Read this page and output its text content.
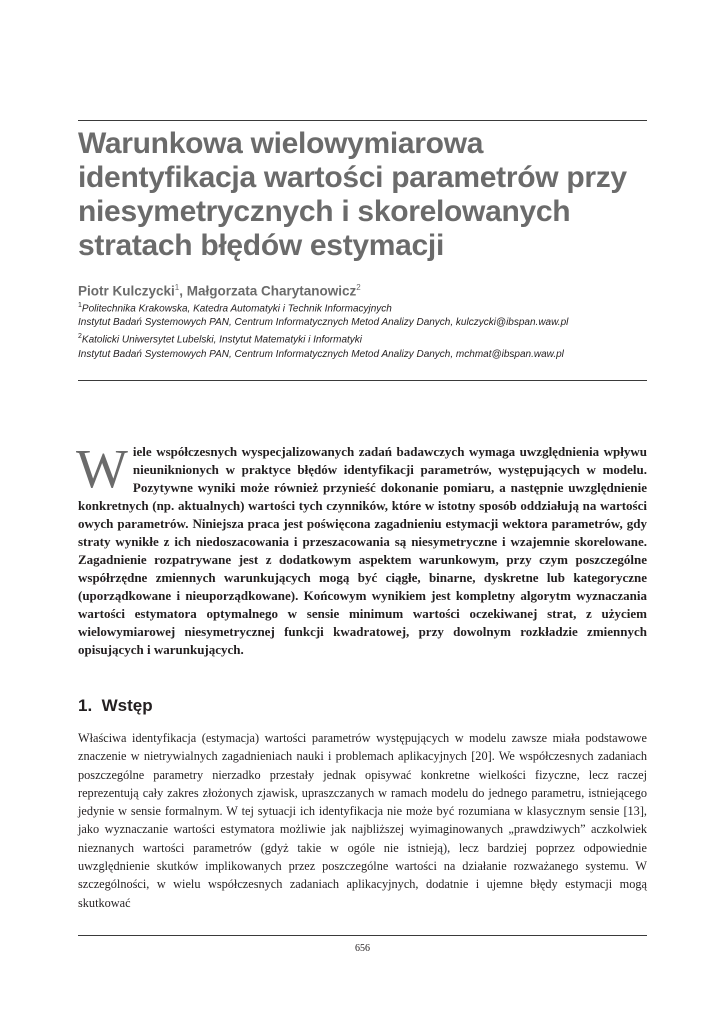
Warunkowa wielowymiarowa identyfikacja wartości parametrów przy niesymetrycznych i skorelowanych stratach błędów estymacji

Piotr Kulczycki$^1$, Małgorzata Charytanowicz$^2$

$^1$Politechnika Krakowska, Katedra Automatyki i Technik Informacyjnych
Instytut Badań Systemowych PAN, Centrum Informatycznych Metod Analizy Danych, kulczycki@ibspan.waw.pl
$^2$Katolicki Uniwersytet Lubelski, Instytut Matematyki i Informatyki
Instytut Badań Systemowych PAN, Centrum Informatycznych Metod Analizy Danych, mchmat@ibspan.waw.pl

Wiele współczesnych wyspecjalizowanych zadań badawczych wymaga uwzględnienia wpływu nieuniknionych w praktyce błędów identyfikacji parametrów, występujących w modelu. Pozytywne wyniki może również przynieść dokonanie pomiaru, a następnie uwzględnienie konkretnych (np. aktualnych) wartości tych czynników, które w istotny sposób oddziałują na wartości owych parametrów. Niniejsza praca jest poświęcona zagadnieniu estymacji wektora parametrów, gdy straty wynikłe z ich niedoszacowania i przeszacowania są niesymetryczne i wzajemnie skorelowane. Zagadnienie rozpatrywane jest z dodatkowym aspektem warunkowym, przy czym poszczególne współrzędne zmiennych warunkujących mogą być ciągłe, binarne, dyskretne lub kategoryczne (uporządkowane i nieuporządkowane). Końcowym wynikiem jest kompletny algorytm wyznaczania wartości estymatora optymalnego w sensie minimum wartości oczekiwanej strat, z użyciem wielowymiarowej niesymetrycznej funkcji kwadratowej, przy dowolnym rozkładzie zmiennych opisujących i warunkujących.

1. Wstęp

Właściwa identyfikacja (estymacja) wartości parametrów występujących w modelu zawsze miała podstawowe znaczenie w nietrywialnych zagadnieniach nauki i problemach aplikacyjnych [20]. We współczesnych zadaniach poszczególne parametry nierzadko przestały jednak opisywać konkretne wielkości fizyczne, lecz raczej reprezentują cały zakres złożonych zjawisk, upraszczanych w ramach modelu do jednego parametru, istniejącego jedynie w sensie formalnym. W tej sytuacji ich identyfikacja nie może być rozumiana w klasycznym sensie [13], jako wyznaczanie wartości estymatora możliwie jak najbliższej wyimaginowanych „prawdziwych” aczkolwiek nieznanych wartości parametrów (gdyż takie w ogóle nie istnieją), lecz bardziej poprzez odpowiednie uwzględnienie skutków implikowanych przez poszczególne wartości na działanie rozważanego systemu. W szczególności, w wielu współczesnych zadaniach aplikacyjnych, dodatnie i ujemne błędy estymacji mogą skutkować

656
